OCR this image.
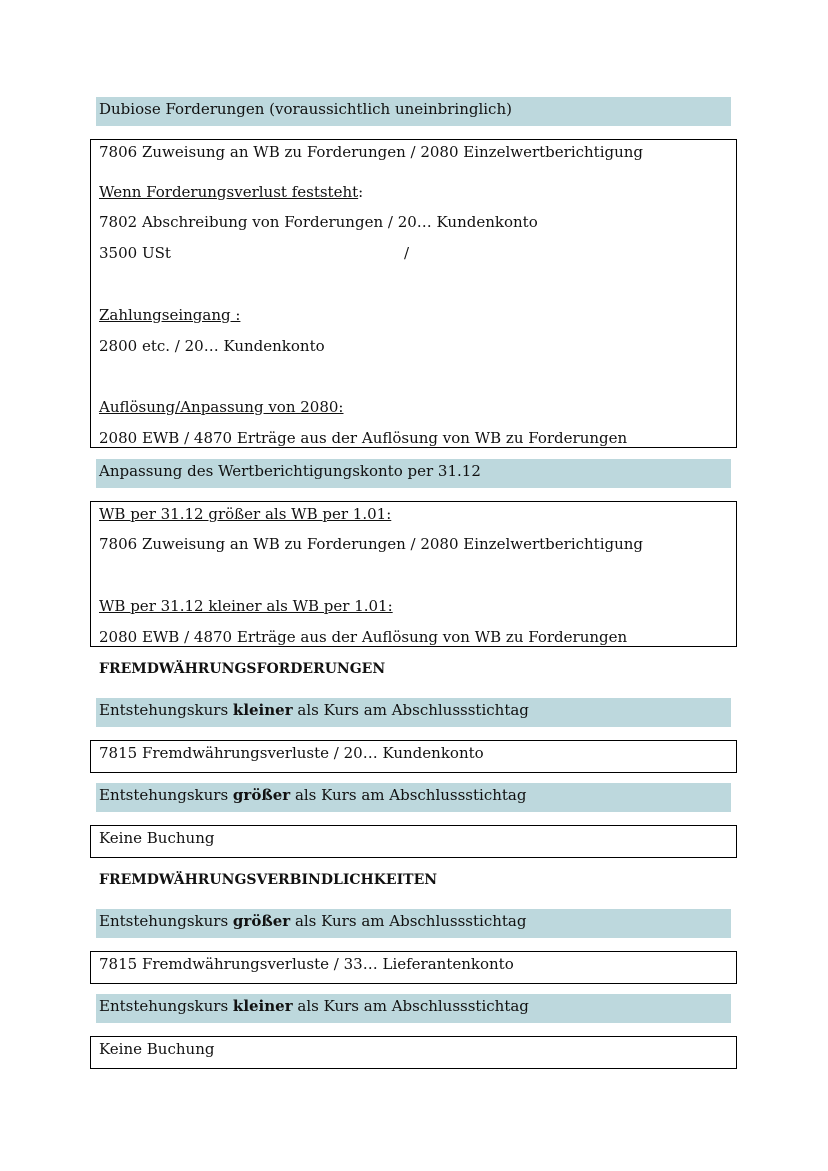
Dubiose Forderungen (voraussichtlich uneinbringlich)
7806 Zuweisung an WB zu Forderungen / 2080 Einzelwertberichtigung
Wenn Forderungsverlust feststeht:
7802 Abschreibung von Forderungen / 20… Kundenkonto
3500 USt	/
Zahlungseingang :
2800 etc. / 20… Kundenkonto
Auflösung/Anpassung von 2080:
2080 EWB / 4870 Erträge aus der Auflösung von WB zu Forderungen
Anpassung des Wertberichtigungskonto per 31.12
WB per 31.12 größer als WB per 1.01:
7806 Zuweisung an WB zu Forderungen / 2080 Einzelwertberichtigung
WB per 31.12 kleiner als WB per 1.01:
2080 EWB / 4870 Erträge aus der Auflösung von WB zu Forderungen
FREMDWÄHRUNGSFORDERUNGEN
Entstehungskurs kleiner als Kurs am Abschlussstichtag
7815 Fremdwährungsverluste / 20… Kundenkonto
Entstehungskurs größer als Kurs am Abschlussstichtag
Keine Buchung
FREMDWÄHRUNGSVERBINDLICHKEITEN
Entstehungskurs größer als Kurs am Abschlussstichtag
7815 Fremdwährungsverluste / 33… Lieferantenkonto
Entstehungskurs kleiner als Kurs am Abschlussstichtag
Keine Buchung
